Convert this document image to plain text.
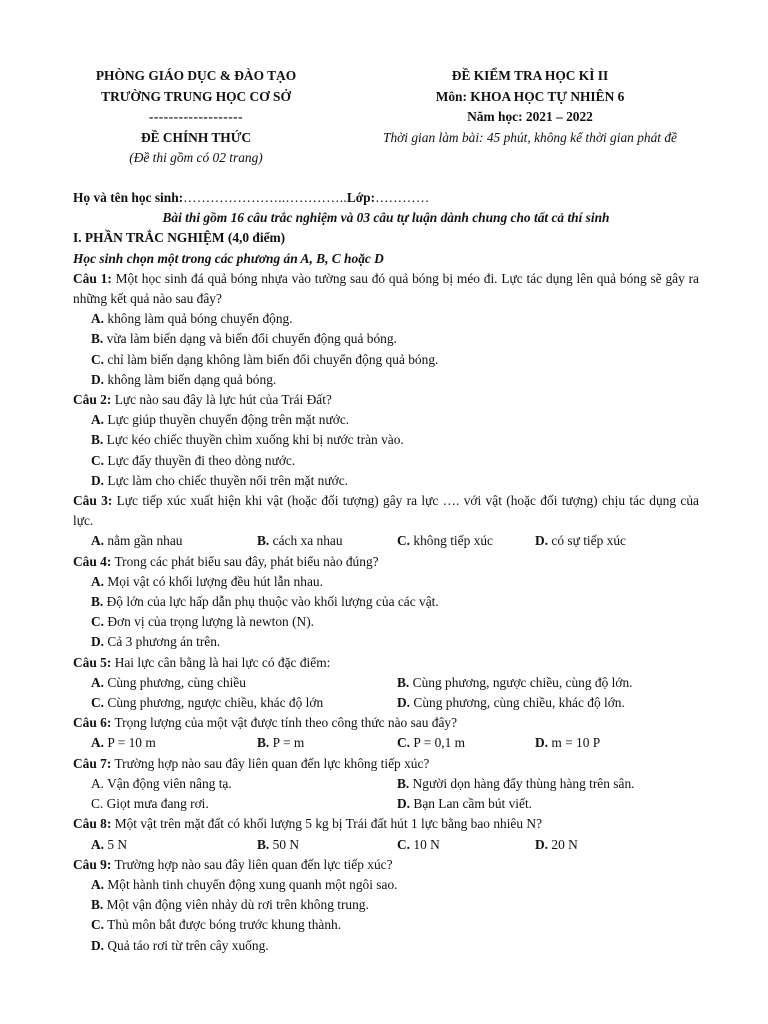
PHÒNG GIÁO DỤC & ĐÀO TẠO
TRƯỜNG TRUNG HỌC CƠ SỞ
-------------------
ĐỀ CHÍNH THỨC
(Đề thi gồm có 02 trang)
ĐỀ KIỂM TRA HỌC KÌ II
Môn: KHOA HỌC TỰ NHIÊN 6
Năm học: 2021 – 2022
Thời gian làm bài: 45 phút, không kể thời gian phát đề
Họ và tên học sinh:…………………..…………..Lớp:…………
Bài thi gồm 16 câu trắc nghiệm và 03 câu tự luận dành chung cho tất cả thí sinh
I. PHẦN TRẮC NGHIỆM (4,0 điểm)
Học sinh chọn một trong các phương án A, B, C hoặc D
Câu 1: Một học sinh đá quả bóng nhựa vào tường sau đó quả bóng bị méo đi. Lực tác dụng lên quả bóng sẽ gây ra những kết quả nào sau đây?
A. không làm quả bóng chuyển động.
B. vừa làm biến dạng và biến đổi chuyển động quả bóng.
C. chỉ làm biến dạng không làm biến đổi chuyển động quả bóng.
D. không làm biến dạng quả bóng.
Câu 2: Lực nào sau đây là lực hút của Trái Đất?
A. Lực giúp thuyền chuyển động trên mặt nước.
B. Lực kéo chiếc thuyền chìm xuống khi bị nước tràn vào.
C. Lực đẩy thuyền đi theo dòng nước.
D. Lực làm cho chiếc thuyền nổi trên mặt nước.
Câu 3: Lực tiếp xúc xuất hiện khi vật (hoặc đối tượng) gây ra lực …. với vật (hoặc đối tượng) chịu tác dụng của lực.
A. nằm gần nhau	B. cách xa nhau	C. không tiếp xúc	D. có sự tiếp xúc
Câu 4: Trong các phát biểu sau đây, phát biểu nào đúng?
A. Mọi vật có khối lượng đều hút lẫn nhau.
B. Độ lớn của lực hấp dẫn phụ thuộc vào khối lượng của các vật.
C. Đơn vị của trọng lượng là newton (N).
D. Cả 3 phương án trên.
Câu 5: Hai lực cân bằng là hai lực có đặc điểm:
A. Cùng phương, cùng chiều	B. Cùng phương, ngược chiều, cùng độ lớn.
C. Cùng phương, ngược chiều, khác độ lớn	D. Cùng phương, cùng chiều, khác độ lớn.
Câu 6: Trọng lượng của một vật được tính theo công thức nào sau đây?
A. P = 10 m	B. P = m	C. P = 0,1 m	D. m = 10 P
Câu 7: Trường hợp nào sau đây liên quan đến lực không tiếp xúc?
A. Vận động viên nâng tạ.	B. Người dọn hàng đẩy thùng hàng trên sân.
C. Giọt mưa đang rơi.	D. Bạn Lan cầm bút viết.
Câu 8: Một vật trên mặt đất có khối lượng 5 kg bị Trái đất hút 1 lực bằng bao nhiêu N?
A. 5 N	B. 50 N	C. 10 N	D. 20 N
Câu 9: Trường hợp nào sau đây liên quan đến lực tiếp xúc?
A. Một hành tinh chuyển động xung quanh một ngôi sao.
B. Một vận động viên nhảy dù rơi trên không trung.
C. Thủ môn bắt được bóng trước khung thành.
D. Quả táo rơi từ trên cây xuống.
